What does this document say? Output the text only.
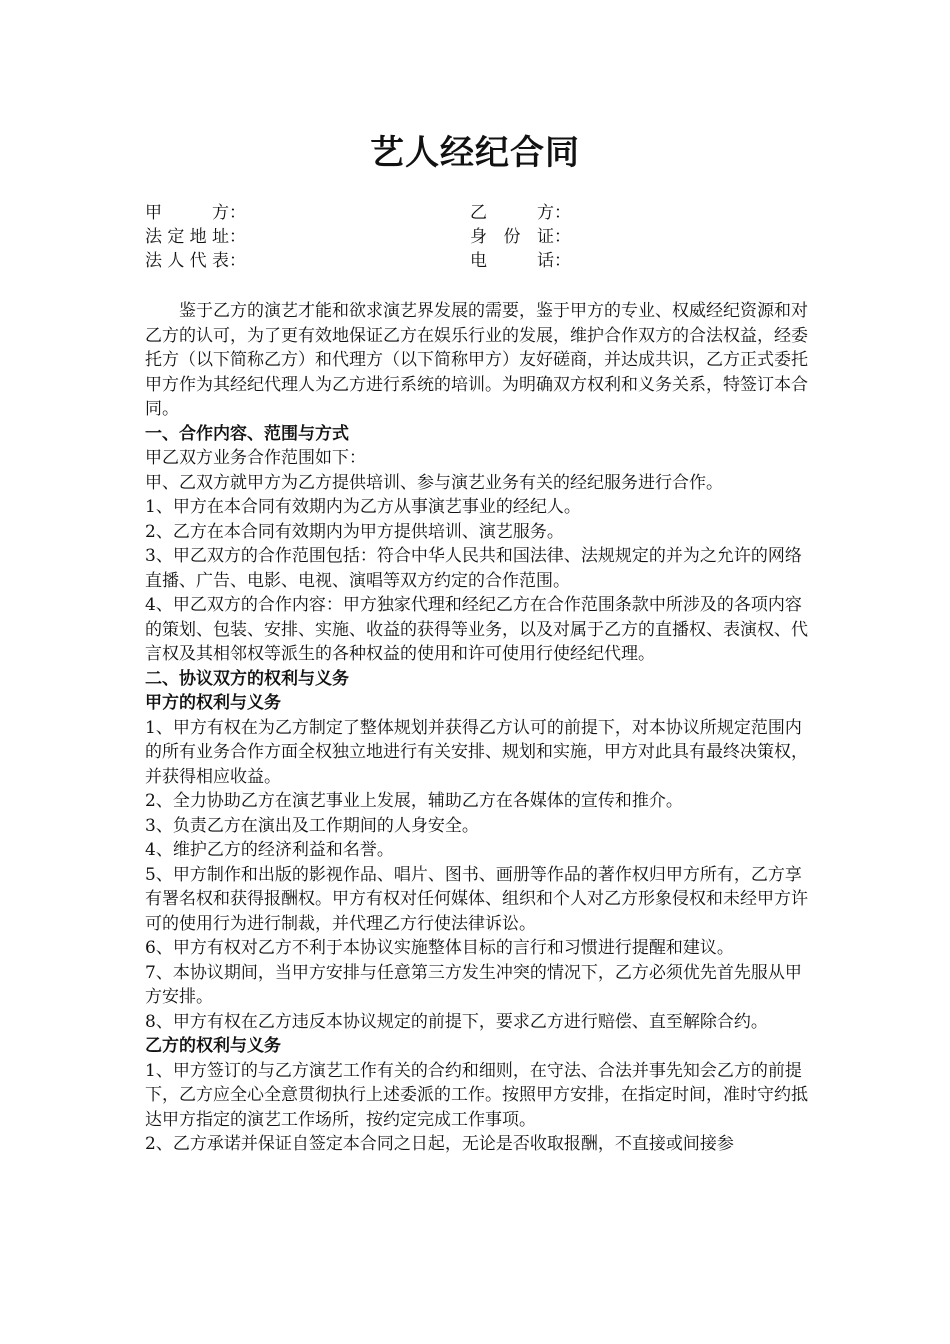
艺人经纪合同
甲方：	乙方：
法定地址：	身份证：
法人代表：	电话：

鉴于乙方的演艺才能和欲求演艺界发展的需要，鉴于甲方的专业、权威经纪资源和对乙方的认可，为了更有效地保证乙方在娱乐行业的发展，维护合作双方的合法权益，经委托方（以下简称乙方）和代理方（以下简称甲方）友好磋商，并达成共识，乙方正式委托甲方作为其经纪代理人为乙方进行系统的培训。为明确双方权利和义务关系，特签订本合同。

一、合作内容、范围与方式

甲乙双方业务合作范围如下：

甲、乙双方就甲方为乙方提供培训、参与演艺业务有关的经纪服务进行合作。

1、甲方在本合同有效期内为乙方从事演艺事业的经纪人。

2、乙方在本合同有效期内为甲方提供培训、演艺服务。

3、甲乙双方的合作范围包括：符合中华人民共和国法律、法规规定的并为之允许的网络直播、广告、电影、电视、演唱等双方约定的合作范围。

4、甲乙双方的合作内容：甲方独家代理和经纪乙方在合作范围条款中所涉及的各项内容的策划、包装、安排、实施、收益的获得等业务，以及对属于乙方的直播权、表演权、代言权及其相邻权等派生的各种权益的使用和许可使用行使经纪代理。

二、协议双方的权利与义务

甲方的权利与义务

1、甲方有权在为乙方制定了整体规划并获得乙方认可的前提下，对本协议所规定范围内的所有业务合作方面全权独立地进行有关安排、规划和实施，甲方对此具有最终决策权，并获得相应收益。

2、全力协助乙方在演艺事业上发展，辅助乙方在各媒体的宣传和推介。

3、负责乙方在演出及工作期间的人身安全。

4、维护乙方的经济利益和名誉。

5、甲方制作和出版的影视作品、唱片、图书、画册等作品的著作权归甲方所有，乙方享有署名权和获得报酬权。甲方有权对任何媒体、组织和个人对乙方形象侵权和未经甲方许可的使用行为进行制裁，并代理乙方行使法律诉讼。

6、甲方有权对乙方不利于本协议实施整体目标的言行和习惯进行提醒和建议。

7、本协议期间，当甲方安排与任意第三方发生冲突的情况下，乙方必须优先首先服从甲方安排。

8、甲方有权在乙方违反本协议规定的前提下，要求乙方进行赔偿、直至解除合约。

乙方的权利与义务

1、甲方签订的与乙方演艺工作有关的合约和细则，在守法、合法并事先知会乙方的前提下，乙方应全心全意贯彻执行上述委派的工作。按照甲方安排，在指定时间，准时守约抵达甲方指定的演艺工作场所，按约定完成工作事项。

2、乙方承诺并保证自签定本合同之日起，无论是否收取报酬，不直接或间接参
